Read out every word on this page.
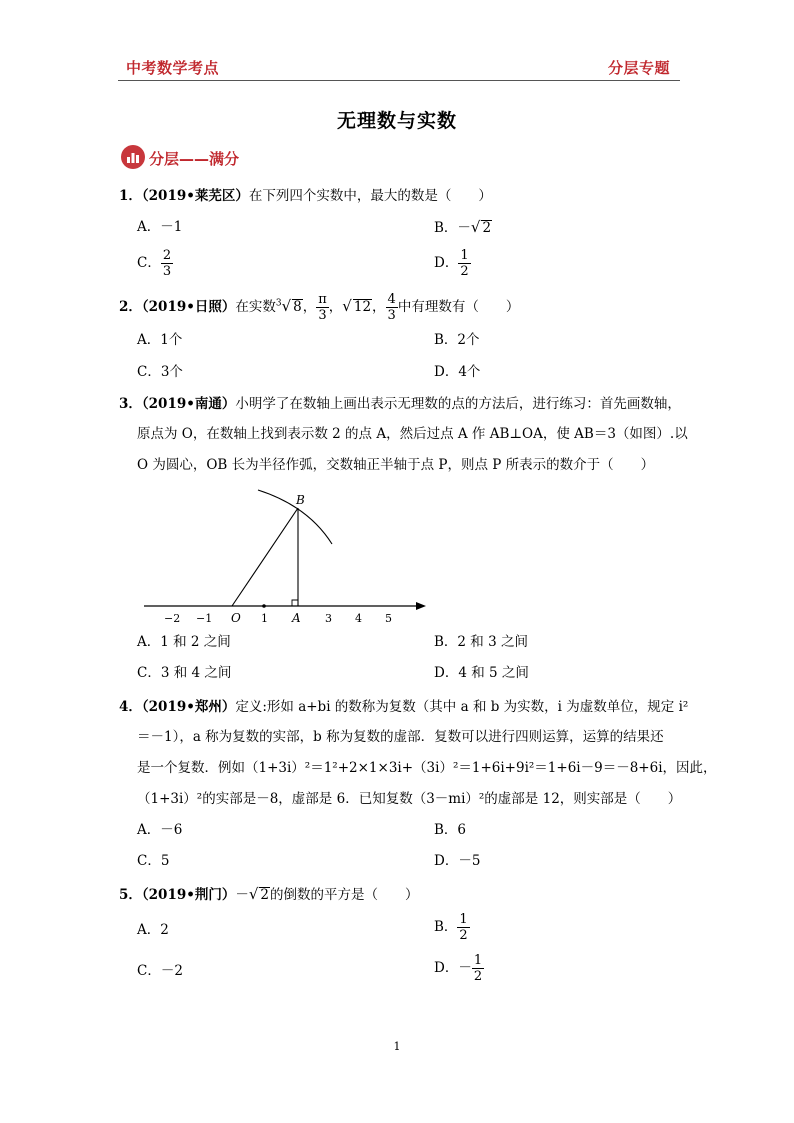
中考数学考点	分层专题
无理数与实数
分层——满分
1．（2019•莱芜区）在下列四个实数中，最大的数是（　　）
A．－1	B．－√ 2
C． $\frac{2}{3}$	D． $\frac{1}{2}$
2．（2019•日照）在实数$^3$√ 8， $\frac{\pi}{3}$ ，√ 12， $\frac{4}{3}$ 中有理数有（　　）
A．1个	B．2个
C．3个	D．4个
3．（2019•南通）小明学了在数轴上画出表示无理数的点的方法后，进行练习：首先画数轴，
原点为 O，在数轴上找到表示数 2 的点 A，然后过点 A 作 AB⊥OA，使 AB＝3（如图）.以
O 为圆心，OB 长为半径作弧，交数轴正半轴于点 P，则点 P 所表示的数介于（　　）
B
O	A
−2 −1	1	3 4 5
A．1 和 2 之间	B．2 和 3 之间
C．3 和 4 之间	D．4 和 5 之间
4．（2019•郑州）定义:形如 a+bi 的数称为复数（其中 a 和 b 为实数，i 为虚数单位，规定 i²
＝－1），a 称为复数的实部，b 称为复数的虚部．复数可以进行四则运算，运算的结果还
是一个复数．例如（1+3i）²＝1²+2×1×3i+（3i）²＝1+6i+9i²＝1+6i－9＝－8+6i，因此，
（1+3i）²的实部是－8，虚部是 6．已知复数（3－mi）²的虚部是 12，则实部是（　　）
A．－6	B．6
C．5	D．－5
5．（2019•荆门）－√ 2的倒数的平方是（　　）
A．2	B． $\frac{1}{2}$
C．－2	D．－ $\frac{1}{2}$
1
